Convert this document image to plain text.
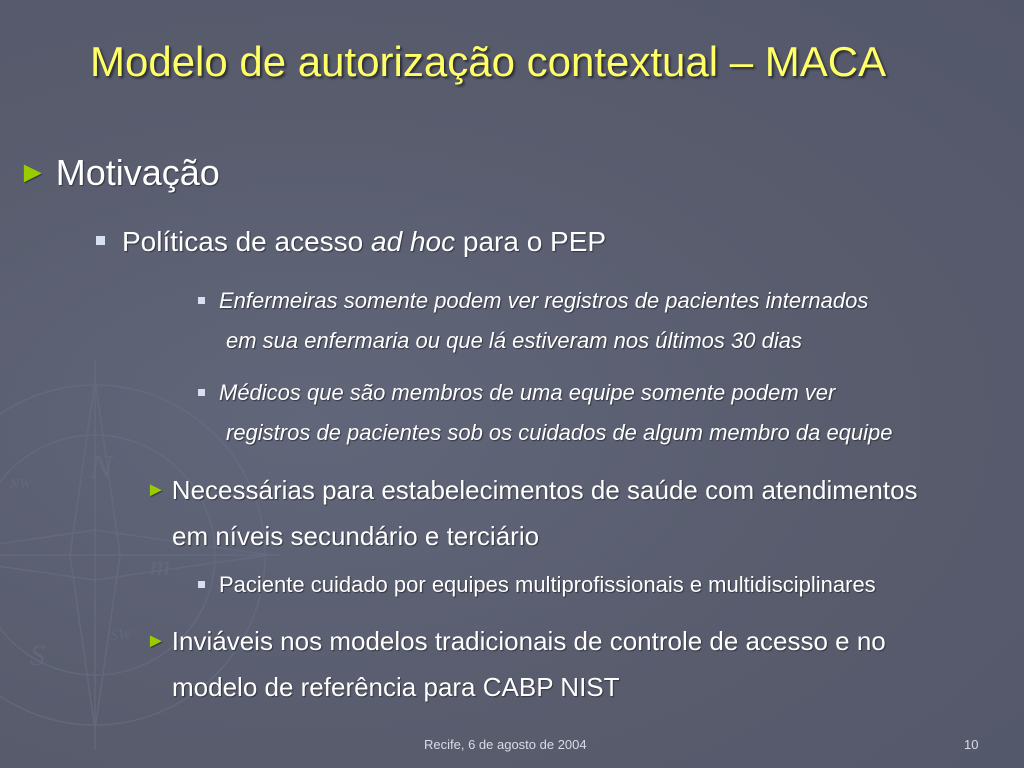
N
S
m
SW
NW
Modelo de autorização contextual – MACA
► Motivação
Políticas de acesso ad hoc para o PEP
Enfermeiras somente podem ver registros de pacientes internados
em sua enfermaria ou que lá estiveram nos últimos 30 dias
Médicos que são membros de uma equipe somente podem ver
registros de pacientes sob os cuidados de algum membro da equipe
► Necessárias para estabelecimentos de saúde com atendimentos
em níveis secundário e terciário
Paciente cuidado por equipes multiprofissionais e multidisciplinares
► Inviáveis nos modelos tradicionais de controle de acesso e no
modelo de referência para CABP NIST
Recife, 6 de agosto de 2004	10
